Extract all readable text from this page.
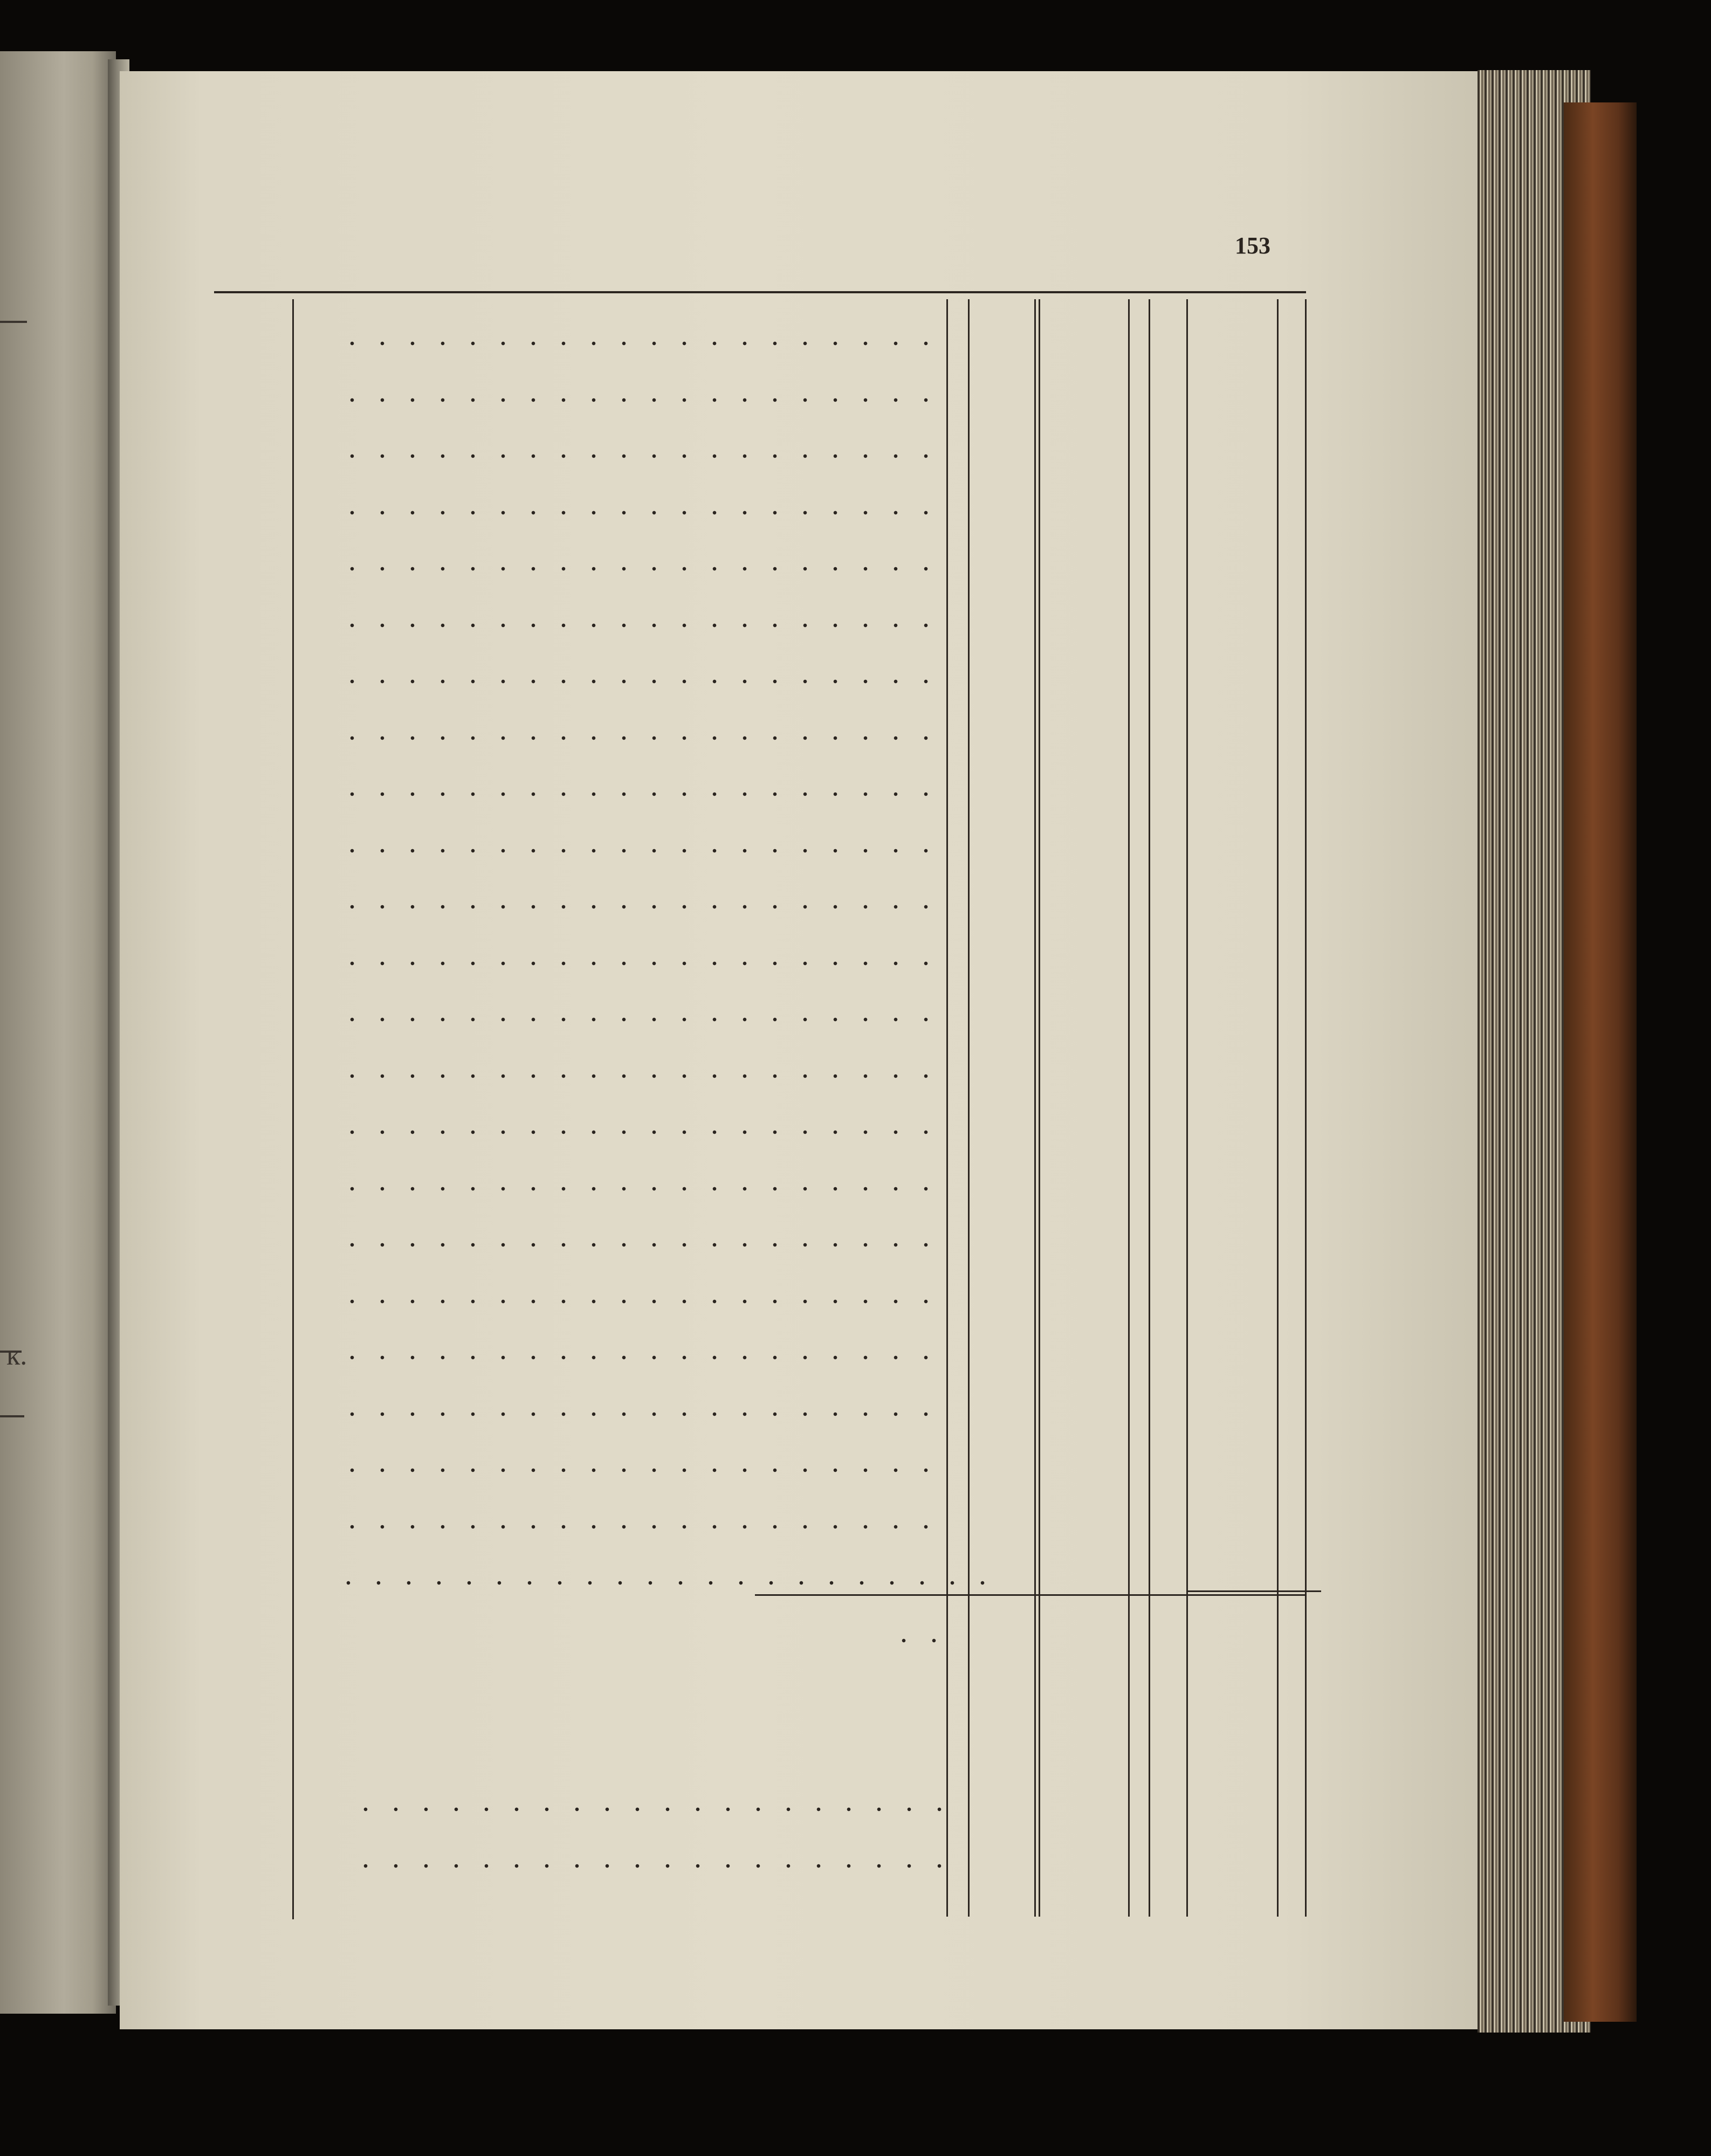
к.
153
